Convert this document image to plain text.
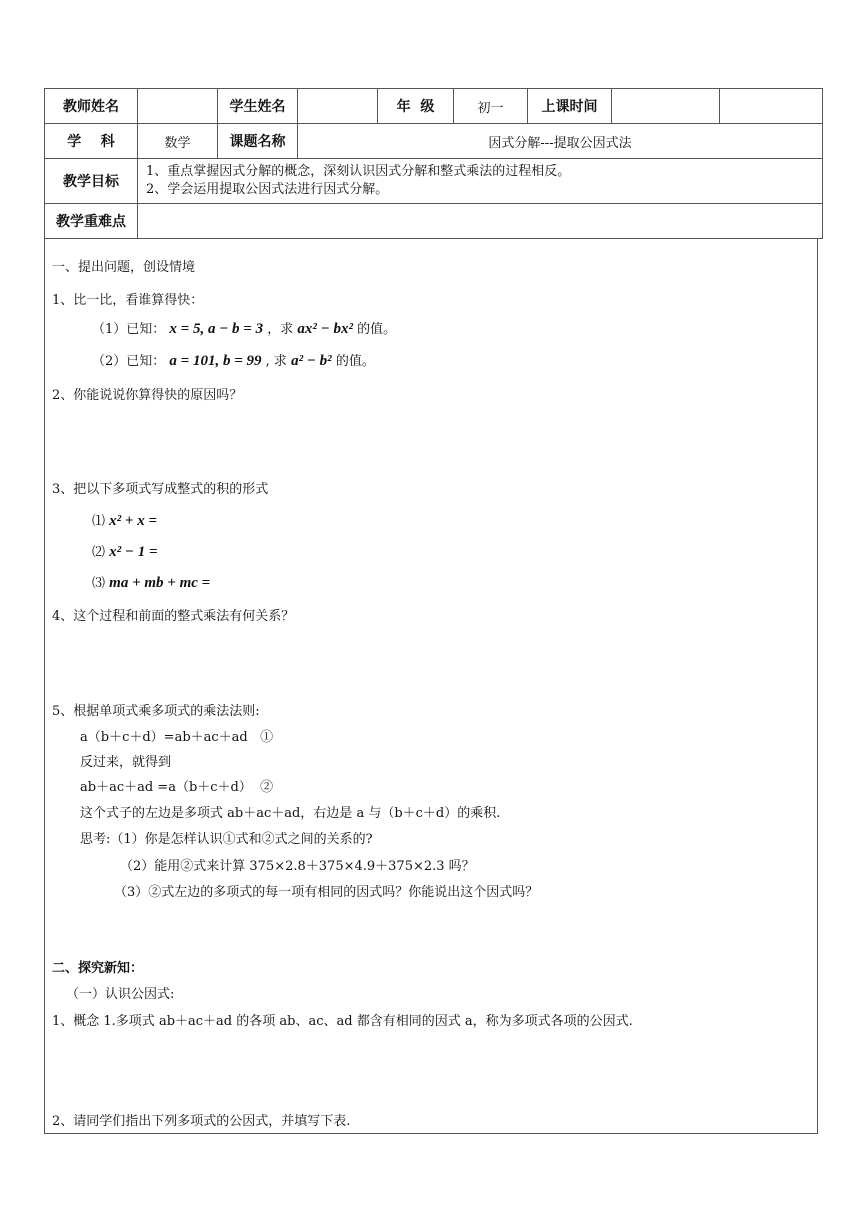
教师姓名		学生姓名		年  级	初一	上课时间		
学    科	数学	课题名称	因式分解---提取公因式法					
教学目标	1、重点掌握因式分解的概念，深刻认识因式分解和整式乘法的过程相反。
2、学会运用提取公因式法进行因式分解。							

教学重难点								
一、提出问题，创设情境
1、比一比，看谁算得快：
（1）已知： x = 5, a − b = 3 ，求 ax² − bx² 的值。
（2）已知： a = 101, b = 99 , 求 a² − b² 的值。
2、你能说说你算得快的原因吗？
3、把以下多项式写成整式的积的形式
⑴ x² + x =
⑵ x² − 1 =
⑶ ma + mb + mc =
4、这个过程和前面的整式乘法有何关系？
5、根据单项式乘多项式的乘法法则:
a（b＋c＋d）=ab＋ac＋ad   ①
反过来，就得到
ab＋ac＋ad =a（b＋c＋d）  ②
这个式子的左边是多项式 ab＋ac＋ad，右边是 a 与（b＋c＋d）的乘积.
思考:（1）你是怎样认识①式和②式之间的关系的?
（2）能用②式来计算 375×2.8＋375×4.9＋375×2.3 吗？
（3）②式左边的多项式的每一项有相同的因式吗？你能说出这个因式吗？
二、探究新知：
（一）认识公因式:
1、概念 1.多项式 ab＋ac＋ad 的各项 ab、ac、ad 都含有相同的因式 a，称为多项式各项的公因式.
2、请同学们指出下列多项式的公因式，并填写下表.
